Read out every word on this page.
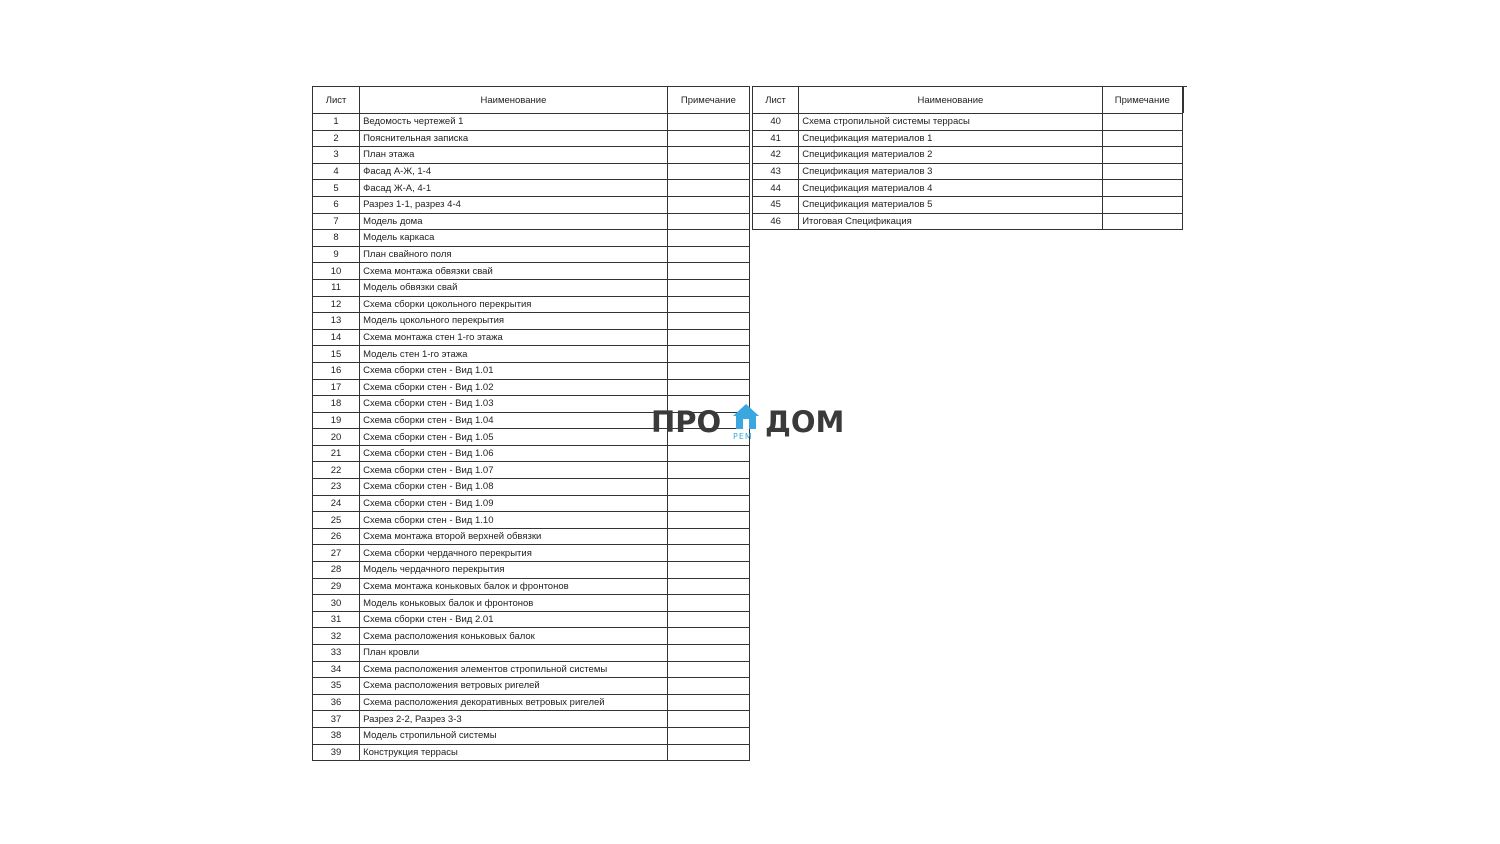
Лист	Наименование	Примечание
1	Ведомость чертежей 1	
2	Пояснительная записка	
3	План этажа	
4	Фасад А-Ж, 1-4	
5	Фасад Ж-А, 4-1	
6	Разрез 1-1, разрез 4-4	
7	Модель дома	
8	Модель каркаса	
9	План свайного поля	
10	Схема монтажа обвязки свай	
11	Модель обвязки свай	
12	Схема сборки цокольного перекрытия	
13	Модель цокольного перекрытия	
14	Схема монтажа стен 1-го этажа	
15	Модель стен 1-го этажа	
16	Схема сборки стен - Вид 1.01	
17	Схема сборки стен - Вид 1.02	
18	Схема сборки стен - Вид 1.03	
19	Схема сборки стен - Вид 1.04	
20	Схема сборки стен - Вид 1.05	
21	Схема сборки стен - Вид 1.06	
22	Схема сборки стен - Вид 1.07	
23	Схема сборки стен - Вид 1.08	
24	Схема сборки стен - Вид 1.09	
25	Схема сборки стен - Вид 1.10	
26	Схема монтажа второй верхней обвязки	
27	Схема сборки чердачного перекрытия	
28	Модель чердачного перекрытия	
29	Схема монтажа коньковых балок и фронтонов	
30	Модель коньковых балок и фронтонов	
31	Схема сборки стен - Вид 2.01	
32	Схема расположения коньковых балок	
33	План кровли	
34	Схема расположения элементов стропильной системы	
35	Схема расположения ветровых ригелей	
36	Схема расположения декоративных ветровых ригелей	
37	Разрез 2-2, Разрез 3-3	
38	Модель стропильной системы	
39	Конструкция террасы	
Лист	Наименование	Примечание
40	Схема стропильной системы террасы	
41	Спецификация материалов 1	
42	Спецификация материалов 2	
43	Спецификация материалов 3	
44	Спецификация материалов 4	
45	Спецификация материалов 5	
46	Итоговая Спецификация	
ПРО РЕМ ДОМ
